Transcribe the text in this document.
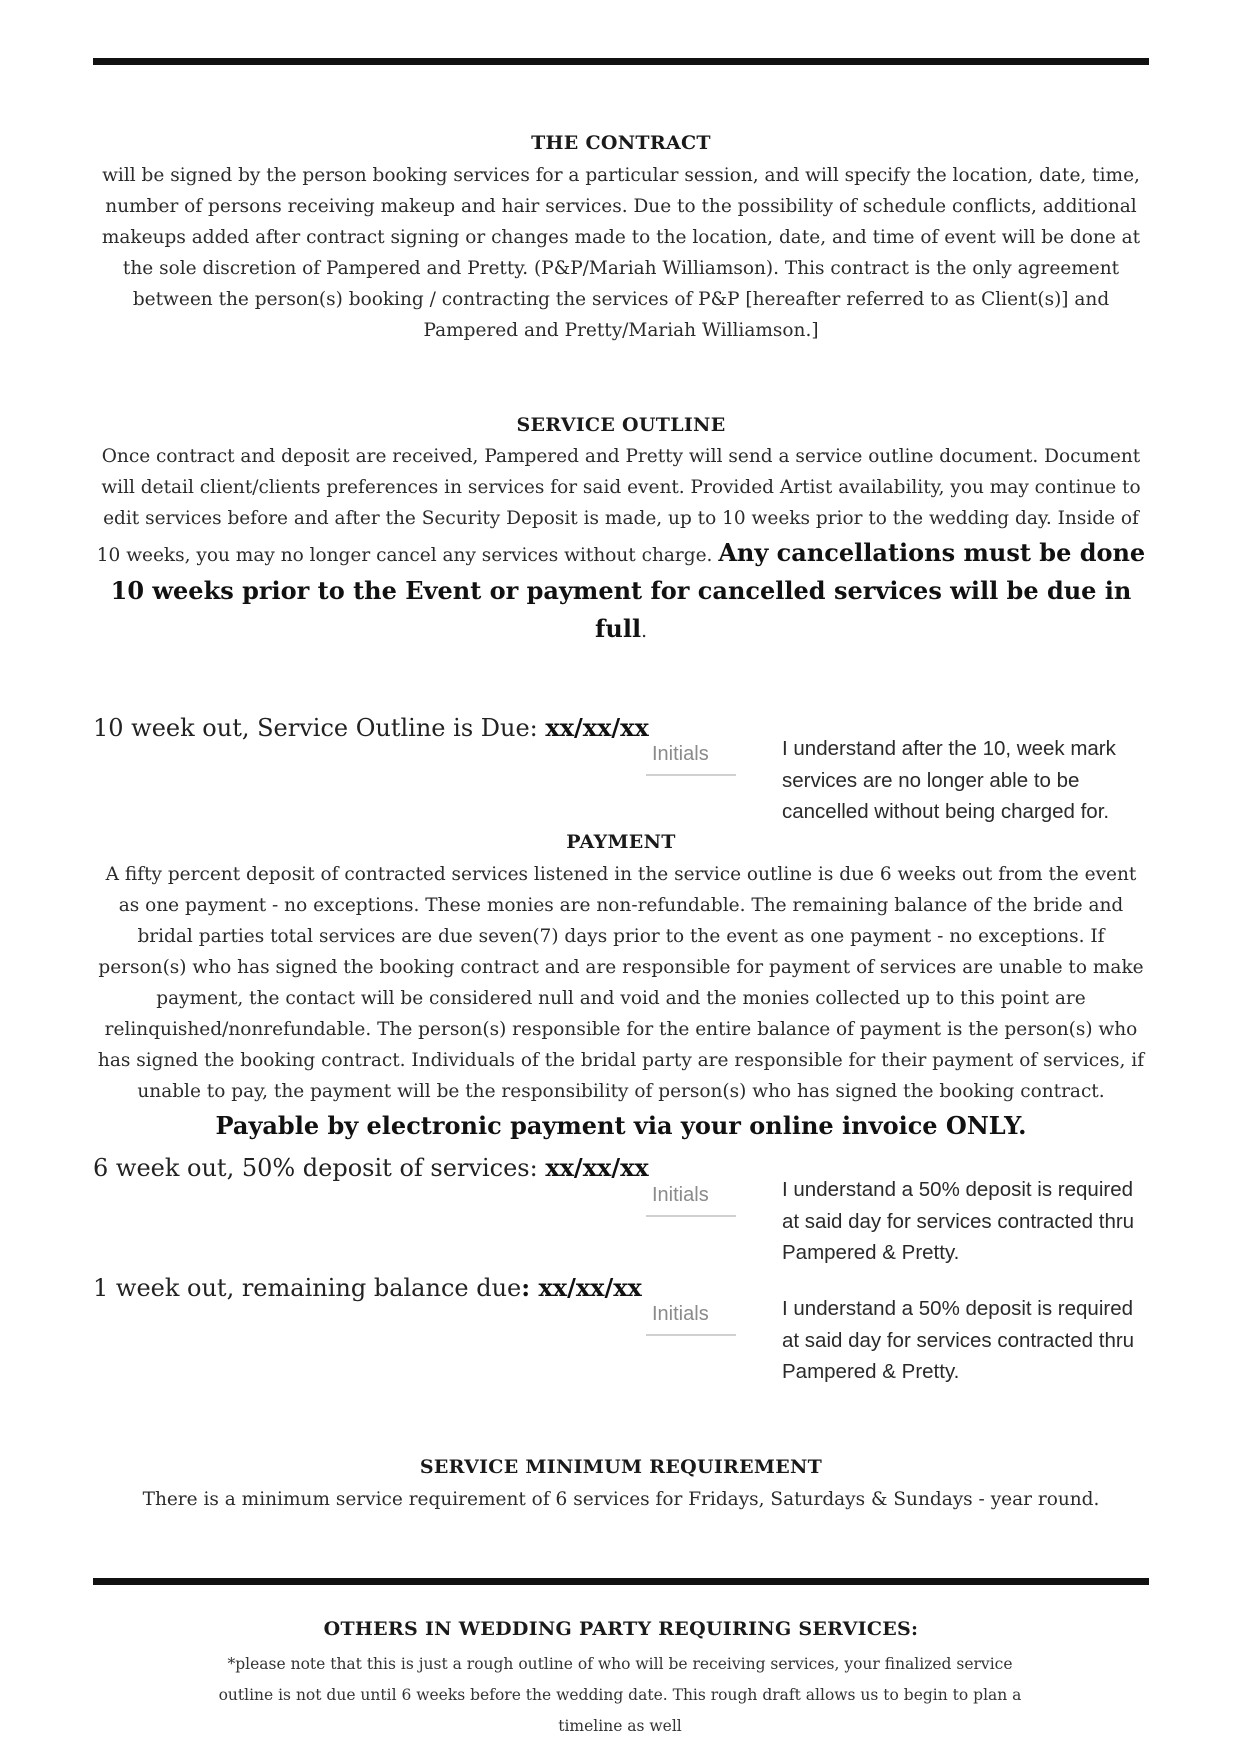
THE CONTRACT
will be signed by the person booking services for a particular session, and will specify the location, date, time, number of persons receiving makeup and hair services. Due to the possibility of schedule conflicts, additional makeups added after contract signing or changes made to the location, date, and time of event will be done at the sole discretion of Pampered and Pretty. (P&P/Mariah Williamson). This contract is the only agreement between the person(s) booking / contracting the services of P&P [hereafter referred to as Client(s)] and Pampered and Pretty/Mariah Williamson.]
SERVICE OUTLINE
Once contract and deposit are received, Pampered and Pretty will send a service outline document. Document will detail client/clients preferences in services for said event. Provided Artist availability, you may continue to edit services before and after the Security Deposit is made, up to 10 weeks prior to the wedding day. Inside of 10 weeks, you may no longer cancel any services without charge. Any cancellations must be done 10 weeks prior to the Event or payment for cancelled services will be due in full.
10 week out, Service Outline is Due: xx/xx/xx
Initials	I understand after the 10, week mark services are no longer able to be cancelled without being charged for.
PAYMENT
A fifty percent deposit of contracted services listened in the service outline is due 6 weeks out from the event as one payment - no exceptions. These monies are non-refundable. The remaining balance of the bride and bridal parties total services are due seven(7) days prior to the event as one payment - no exceptions. If person(s) who has signed the booking contract and are responsible for payment of services are unable to make payment, the contact will be considered null and void and the monies collected up to this point are relinquished/nonrefundable. The person(s) responsible for the entire balance of payment is the person(s) who has signed the booking contract. Individuals of the bridal party are responsible for their payment of services, if unable to pay, the payment will be the responsibility of person(s) who has signed the booking contract. Payable by electronic payment via your online invoice ONLY.
6 week out, 50% deposit of services: xx/xx/xx
Initials	I understand a 50% deposit is required at said day for services contracted thru Pampered & Pretty.
1 week out, remaining balance due: xx/xx/xx
Initials	I understand a 50% deposit is required at said day for services contracted thru Pampered & Pretty.
SERVICE MINIMUM REQUIREMENT
There is a minimum service requirement of 6 services for Fridays, Saturdays & Sundays - year round.
OTHERS IN WEDDING PARTY REQUIRING SERVICES:
*please note that this is just a rough outline of who will be receiving services, your finalized service outline is not due until 6 weeks before the wedding date. This rough draft allows us to begin to plan a timeline as well
